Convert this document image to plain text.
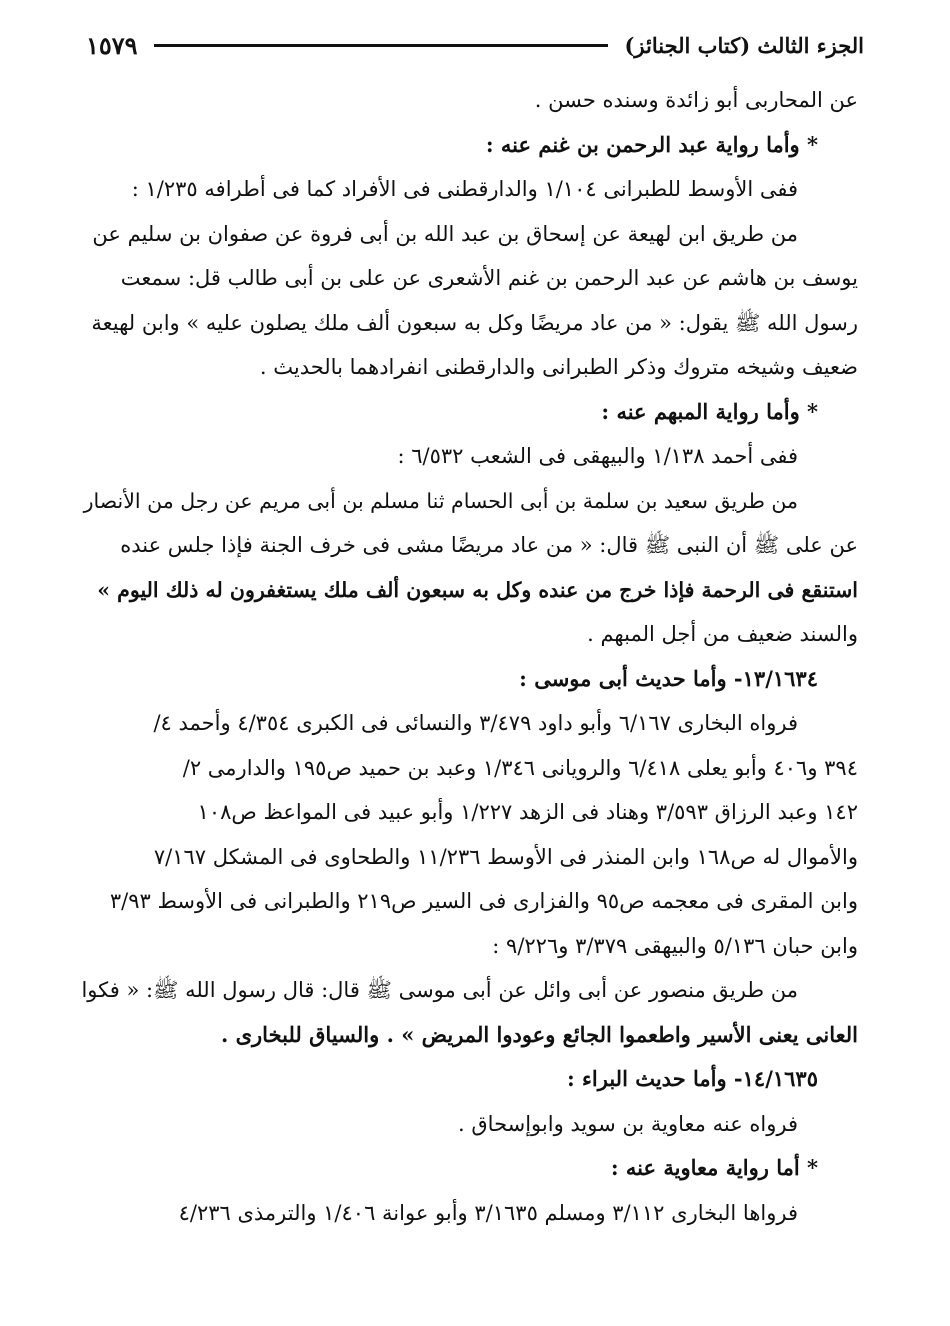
١٥٧٩	الجزء الثالث (كتاب الجنائز)
عن المحاربى أبو زائدة وسنده حسن .
* وأما رواية عبد الرحمن بن غنم عنه :
ففى الأوسط للطبرانى ١/١٠٤ والدارقطنى فى الأفراد كما فى أطرافه ١/٢٣٥ :
من طريق ابن لهيعة عن إسحاق بن عبد الله بن أبى فروة عن صفوان بن سليم عن
يوسف بن هاشم عن عبد الرحمن بن غنم الأشعرى عن على بن أبى طالب قل: سمعت
رسول الله ﷺ يقول: « من عاد مريضًا وكل به سبعون ألف ملك يصلون عليه » وابن لهيعة
ضعيف وشيخه متروك وذكر الطبرانى والدارقطنى انفرادهما بالحديث .
* وأما رواية المبهم عنه :
ففى أحمد ١/١٣٨ والبيهقى فى الشعب ٦/٥٣٢ :
من طريق سعيد بن سلمة بن أبى الحسام ثنا مسلم بن أبى مريم عن رجل من الأنصار
عن على ﷺ أن النبى ﷺ قال: « من عاد مريضًا مشى فى خرف الجنة فإذا جلس عنده
استنقع فى الرحمة فإذا خرج من عنده وكل به سبعون ألف ملك يستغفرون له ذلك اليوم »
والسند ضعيف من أجل المبهم .
١٣/١٦٣٤- وأما حديث أبى موسى :
فرواه البخارى ٦/١٦٧ وأبو داود ٣/٤٧٩ والنسائى فى الكبرى ٤/٣٥٤ وأحمد ٤/
٣٩٤ و٤٠٦ وأبو يعلى ٦/٤١٨ والرويانى ١/٣٤٦ وعبد بن حميد ص١٩٥ والدارمى ٢/
١٤٢ وعبد الرزاق ٣/٥٩٣ وهناد فى الزهد ١/٢٢٧ وأبو عبيد فى المواعظ ص١٠٨
والأموال له ص١٦٨ وابن المنذر فى الأوسط ١١/٢٣٦ والطحاوى فى المشكل ٧/١٦٧
وابن المقرى فى معجمه ص٩٥ والفزارى فى السير ص٢١٩ والطبرانى فى الأوسط ٣/٩٣
وابن حبان ٥/١٣٦ والبيهقى ٣/٣٧٩ و٩/٢٢٦ :
من طريق منصور عن أبى وائل عن أبى موسى ﷺ قال: قال رسول الله ﷺ: « فكوا
العانى يعنى الأسير واطعموا الجائع وعودوا المريض » . والسياق للبخارى .
١٤/١٦٣٥- وأما حديث البراء :
فرواه عنه معاوية بن سويد وابوإسحاق .
* أما رواية معاوية عنه :
فرواها البخارى ٣/١١٢ ومسلم ٣/١٦٣٥ وأبو عوانة ١/٤٠٦ والترمذى ٤/٢٣٦
